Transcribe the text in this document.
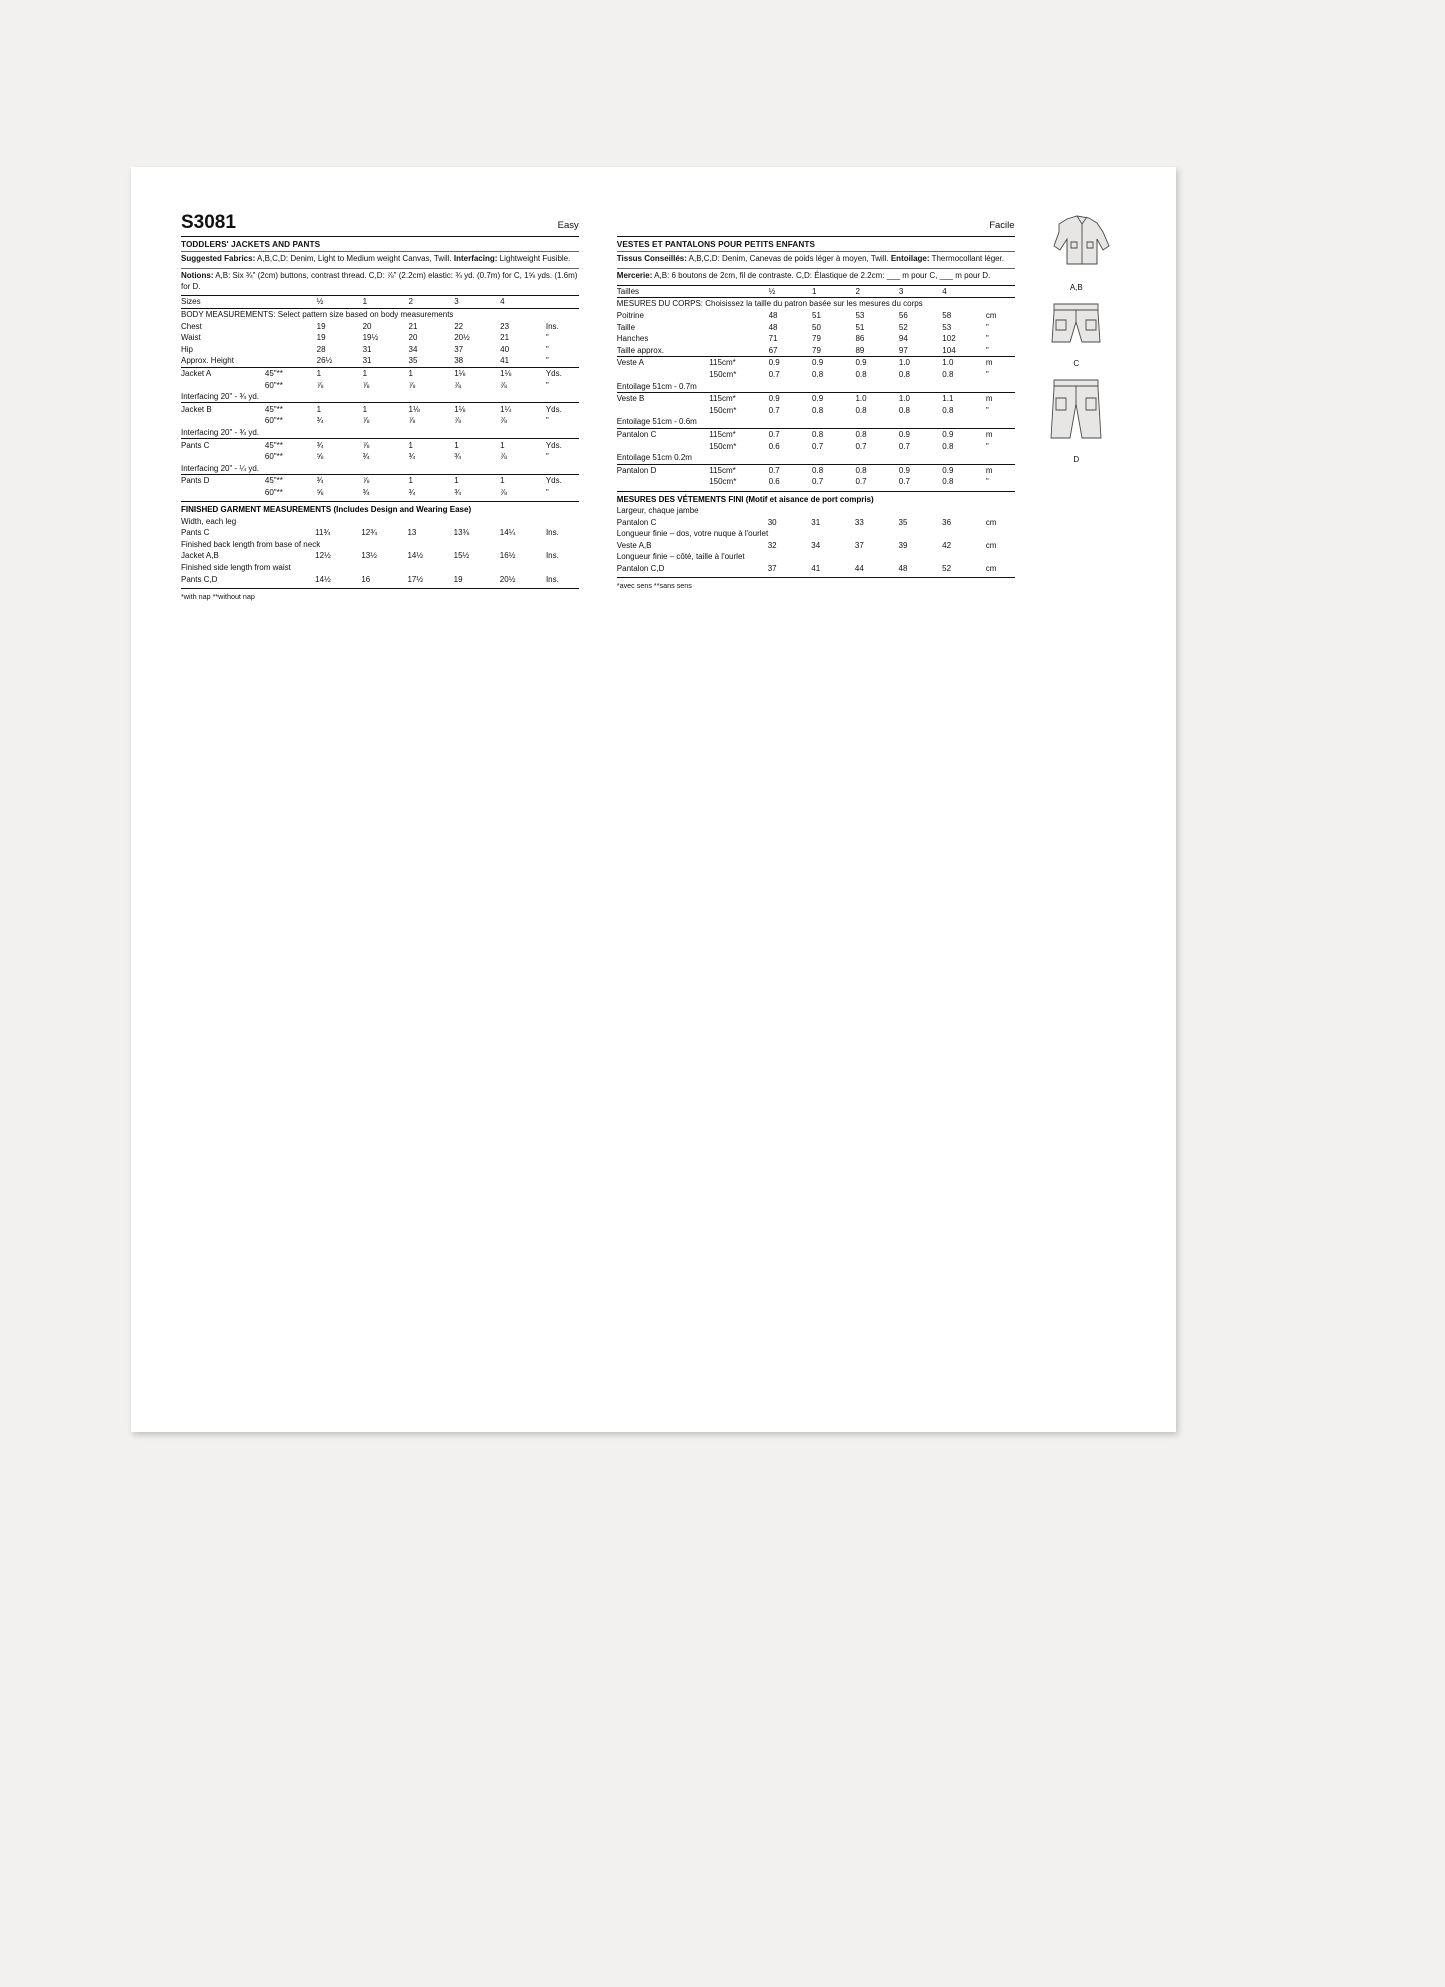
S3081	Easy
TODDLERS' JACKETS AND PANTS
Suggested Fabrics: A,B,C,D: Denim, Light to Medium weight Canvas, Twill. Interfacing: Lightweight Fusible.
Notions: A,B: Six ¾" (2cm) buttons, contrast thread. C,D: ⅞" (2.2cm) elastic: ¾ yd. (0.7m) for C, 1⅝ yds. (1.6m) for D.
Sizes		½	1	2	3	4	
BODY MEASUREMENTS: Select pattern size based on body measurements							
Chest		19	20	21	22	23	Ins.
Waist		19	19½	20	20½	21	"
Hip		28	31	34	37	40	"
Approx. Height		26½	31	35	38	41	"
Jacket A	45"**	1	1	1	1⅛	1⅛	Yds.
	60"**	⅞	⅞	⅞	⅞	⅞	"
Interfacing 20" - ¾ yd.							
Jacket B	45"**	1	1	1⅛	1⅛	1¼	Yds.
	60"**	¾	⅞	⅞	⅞	⅞	"
Interfacing 20" - ¾ yd.							
Pants C	45"**	¾	⅞	1	1	1	Yds.
	60"**	⅝	¾	¾	¾	⅞	"
Interfacing 20" - ¼ yd.							
Pants D	45"**	¾	⅞	1	1	1	Yds.
	60"**	⅝	¾	¾	¾	⅞	"
FINISHED GARMENT MEASUREMENTS (Includes Design and Wearing Ease)
Width, each leg							
Pants C		11¾	12¾	13	13⅜	14¼	Ins.
Finished back length from base of neck							
Jacket A,B		12½	13½	14½	15½	16½	Ins.
Finished side length from waist							
Pants C,D		14½	16	17½	19	20½	Ins.
*with nap **without nap
Facile
VESTES ET PANTALONS POUR PETITS ENFANTS
Tissus Conseillés: A,B,C,D: Denim, Canevas de poids léger à moyen, Twill. Entoilage: Thermocollant léger.
Mercerie: A,B: 6 boutons de 2cm, fil de contraste. C,D: Élastique de 2.2cm: ___ m pour C, ___ m pour D.
Tailles		½	1	2	3	4	
MESURES DU CORPS: Choisissez la taille du patron basée sur les mesures du corps							
Poitrine		48	51	53	56	58	cm
Taille		48	50	51	52	53	"
Hanches		71	79	86	94	102	"
Taille approx.		67	79	89	97	104	"
Veste A	115cm*	0.9	0.9	0.9	1.0	1.0	m
	150cm*	0.7	0.8	0.8	0.8	0.8	"
Entoilage 51cm - 0.7m							
Veste B	115cm*	0.9	0.9	1.0	1.0	1.1	m
	150cm*	0.7	0.8	0.8	0.8	0.8	"
Entoilage 51cm - 0.6m							
Pantalon C	115cm*	0.7	0.8	0.8	0.9	0.9	m
	150cm*	0.6	0.7	0.7	0.7	0.8	"
Entoilage 51cm 0.2m							
Pantalon D	115cm*	0.7	0.8	0.8	0.9	0.9	m
	150cm*	0.6	0.7	0.7	0.7	0.8	"
MESURES DES VÉTEMENTS FINI (Motif et aisance de port compris)
Largeur, chaque jambe							
Pantalon C		30	31	33	35	36	cm
Longueur finie – dos, votre nuque à l'ourlet							
Veste A,B		32	34	37	39	42	cm
Longueur finie – côté, taille à l'ourlet							
Pantalon C,D		37	41	44	48	52	cm
*avec sens **sans sens
A,B
C
D
